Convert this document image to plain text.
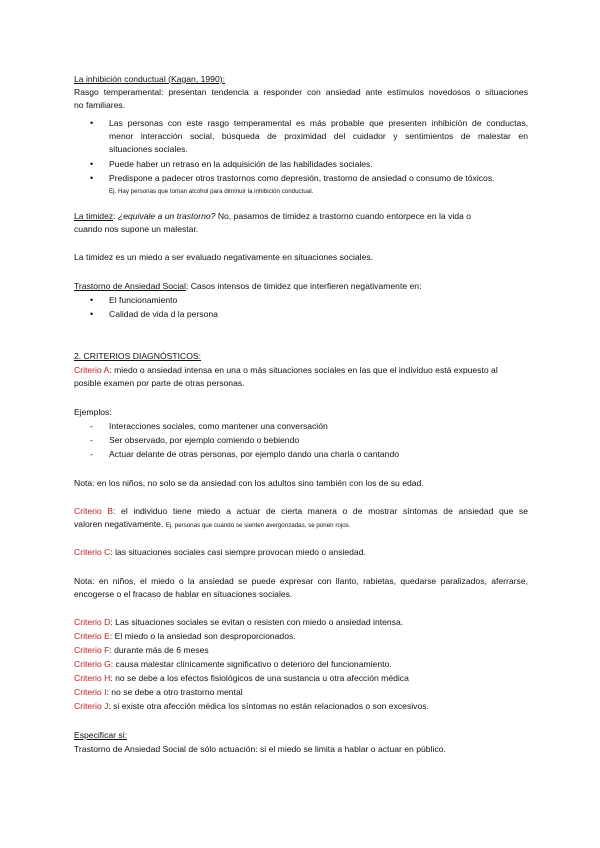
La inhibición conductual (Kagan, 1990):
Rasgo temperamental: presentan tendencia a responder con ansiedad ante estímulos novedosos o situaciones
no familiares.
• Las personas con este rasgo temperamental es más probable que presenten inhibición de conductas,
menor interacción social, búsqueda de proximidad del cuidador y sentimientos de malestar en
situaciones sociales.
• Puede haber un retraso en la adquisición de las habilidades sociales.
• Predispone a padecer otros trastornos como depresión, trastorno de ansiedad o consumo de tóxicos.
Ej. Hay personas que toman alcohol para diminuir la inhibición conductual.
La timidez: ¿equivale a un trastorno? No, pasamos de timidez a trastorno cuando entorpece en la vida o
cuando nos supone un malestar.
La timidez es un miedo a ser evaluado negativamente en situaciones sociales.
Trastorno de Ansiedad Social: Casos intensos de timidez que interfieren negativamente en:
• El funcionamiento
• Calidad de vida d la persona
2. CRITERIOS DIAGNÓSTICOS:
Criterio A: miedo o ansiedad intensa en una o más situaciones sociales en las que el individuo está expuesto al
posible examen por parte de otras personas.
Ejemplos:
- Interacciones sociales, como mantener una conversación
- Ser observado, por ejemplo comiendo o bebiendo
- Actuar delante de otras personas, por ejemplo dando una charla o cantando
Nota: en los niños, no solo se da ansiedad con los adultos sino también con los de su edad.
Criterio B: el individuo tiene miedo a actuar de cierta manera o de mostrar síntomas de ansiedad que se
valoren negativamente. Ej. personas que cuando se sienten avergonzadas, se ponen rojos.
Criterio C: las situaciones sociales casi siempre provocan miedo o ansiedad.
Nota: en niños, el miedo o la ansiedad se puede expresar con llanto, rabietas, quedarse paralizados, aferrarse,
encogerse o el fracaso de hablar en situaciones sociales.
Criterio D: Las situaciones sociales se evitan o resisten con miedo o ansiedad intensa.
Criterio E: El miedo o la ansiedad son desproporcionados.
Criterio F: durante más de 6 meses
Criterio G: causa malestar clínicamente significativo o deterioro del funcionamiento.
Criterio H: no se debe a los efectos fisiológicos de una sustancia u otra afección médica
Criterio I: no se debe a otro trastorno mental
Criterio J: si existe otra afección médica los síntomas no están relacionados o son excesivos.
Especificar si:
Trastorno de Ansiedad Social de sólo actuación: si el miedo se limita a hablar o actuar en público.
